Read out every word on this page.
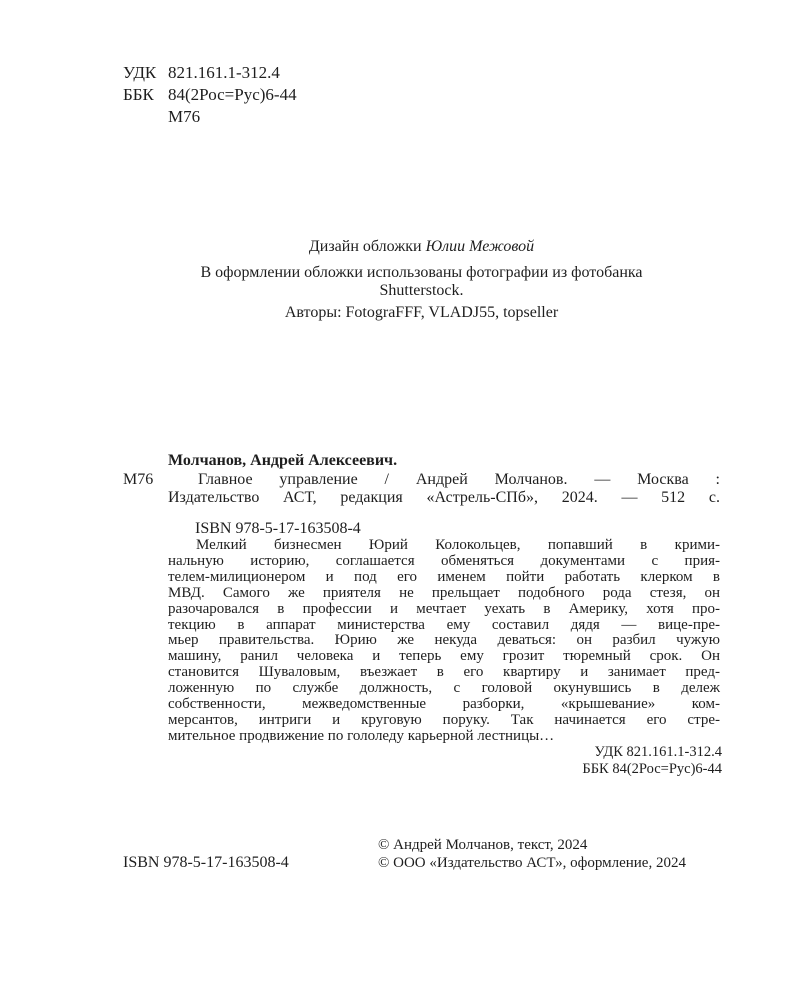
УДК 821.161.1-312.4
ББК 84(2Рос=Рус)6-44
М76
Дизайн обложки Юлии Межовой
В оформлении обложки использованы фотографии из фотобанка
Shutterstock.
Авторы: FotograFFF, VLADJ55, topseller
Молчанов, Андрей Алексеевич.
М76	Главное управление / Андрей Молчанов. — Москва :
Издательство АСТ, редакция «Астрель-СПб», 2024. — 512 с.
ISBN 978-5-17-163508-4
Мелкий бизнесмен Юрий Колокольцев, попавший в крими-
нальную историю, соглашается обменяться документами с прия-
телем-милиционером и под его именем пойти работать клерком в
МВД. Самого же приятеля не прельщает подобного рода стезя, он
разочаровался в профессии и мечтает уехать в Америку, хотя про-
текцию в аппарат министерства ему составил дядя — вице-пре-
мьер правительства. Юрию же некуда деваться: он разбил чужую
машину, ранил человека и теперь ему грозит тюремный срок. Он
становится Шуваловым, въезжает в его квартиру и занимает пред-
ложенную по службе должность, с головой окунувшись в дележ
собственности, межведомственные разборки, «крышевание» ком-
мерсантов, интриги и круговую поруку. Так начинается его стре-
мительное продвижение по гололеду карьерной лестницы…
УДК 821.161.1-312.4
ББК 84(2Рос=Рус)6-44
ISBN 978-5-17-163508-4
© Андрей Молчанов, текст, 2024
© ООО «Издательство АСТ», оформление, 2024
